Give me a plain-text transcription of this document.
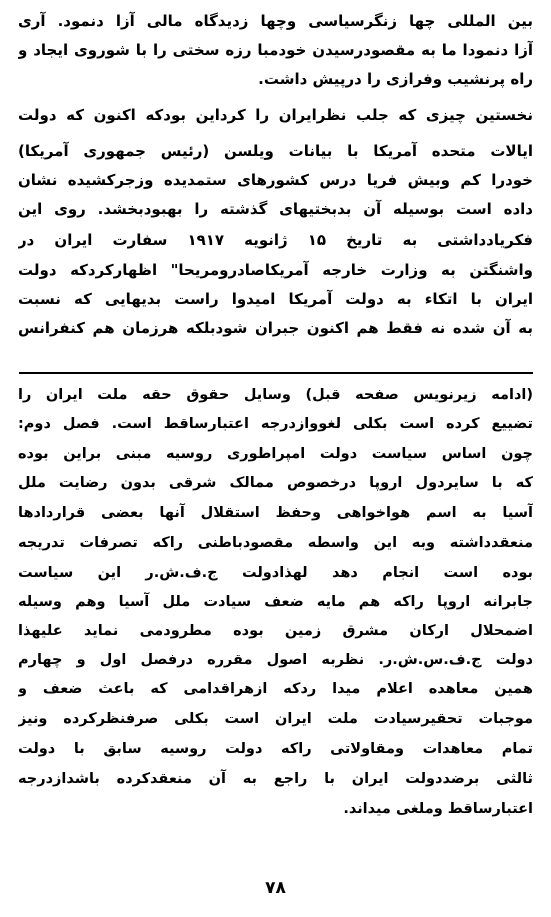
بین المللی چها زنگرسیاسی وچها زدیدگاه مالی آزا دنمود. آری
آزا دنمودا ما به مقصودرسیدن خودمبا رزه سختی را با شوروی ایجاد و
راه پرنشیب وفرازی را درپیش داشت.
نخستین چیزی که جلب نظرایران را کرداین بودکه اکنون که دولت
ایالات متحده آمریکا با بیانات ویلسن (رئیس جمهوری آمریکا)
خودرا کم وبیش فریا درس کشورهای ستمدیده وزجرکشیده نشان
داده است بوسیله آن بدبختیهای گذشته را بهبودبخشد. روی این
فکریادداشتی به تاریخ ۱۵ ژانویه ۱۹۱۷ سفارت ایران در
واشنگتن به وزارت خارجه آمریکاصادرومریحا" اظهارکردکه دولت
ایران با اتکاء به دولت آمریکا امیدوا راست بدیهایی که نسبت
به آن شده نه فقط هم اکنون جبران شودبلکه هرزمان هم کنفرانس
(ادامه زیرنویس صفحه قبل) وسایل حقوق حقه ملت ایران را
تضییع کرده است بکلی لغووازدرجه اعتبارساقط است. فصل دوم:
چون اساس سیاست دولت امپراطوری روسیه مبنی براین بوده
که با سایردول اروپا درخصوص ممالک شرقی بدون رضایت ملل
آسیا به اسم هواخواهی وحفظ استقلال آنها بعضی قراردادها
منعقدداشته وبه این واسطه مقصودباطنی راکه تصرفات تدریجه
بوده است انجام دهد لهذادولت ج.ف.ش.ر این سیاست
جابرانه اروپا راکه هم مایه ضعف سیادت ملل آسیا وهم وسیله
اضمحلال ارکان مشرق زمین بوده مطرودمی نماید علیهذا
دولت ج.ف.س.ش.ر. نظربه اصول مقرره درفصل اول و چهارم
همین معاهده اعلام میدا ردکه ازهراقدامی که باعث ضعف و
موجبات تحقیرسیادت ملت ایران است بکلی صرفنظرکرده ونیز
تمام معاهدات ومقاولاتی راکه دولت روسیه سابق با دولت
ثالثی برضددولت ایران با راجع به آن منعقدکرده باشدازدرجه
اعتبارساقط وملغی میداند.
۷۸
